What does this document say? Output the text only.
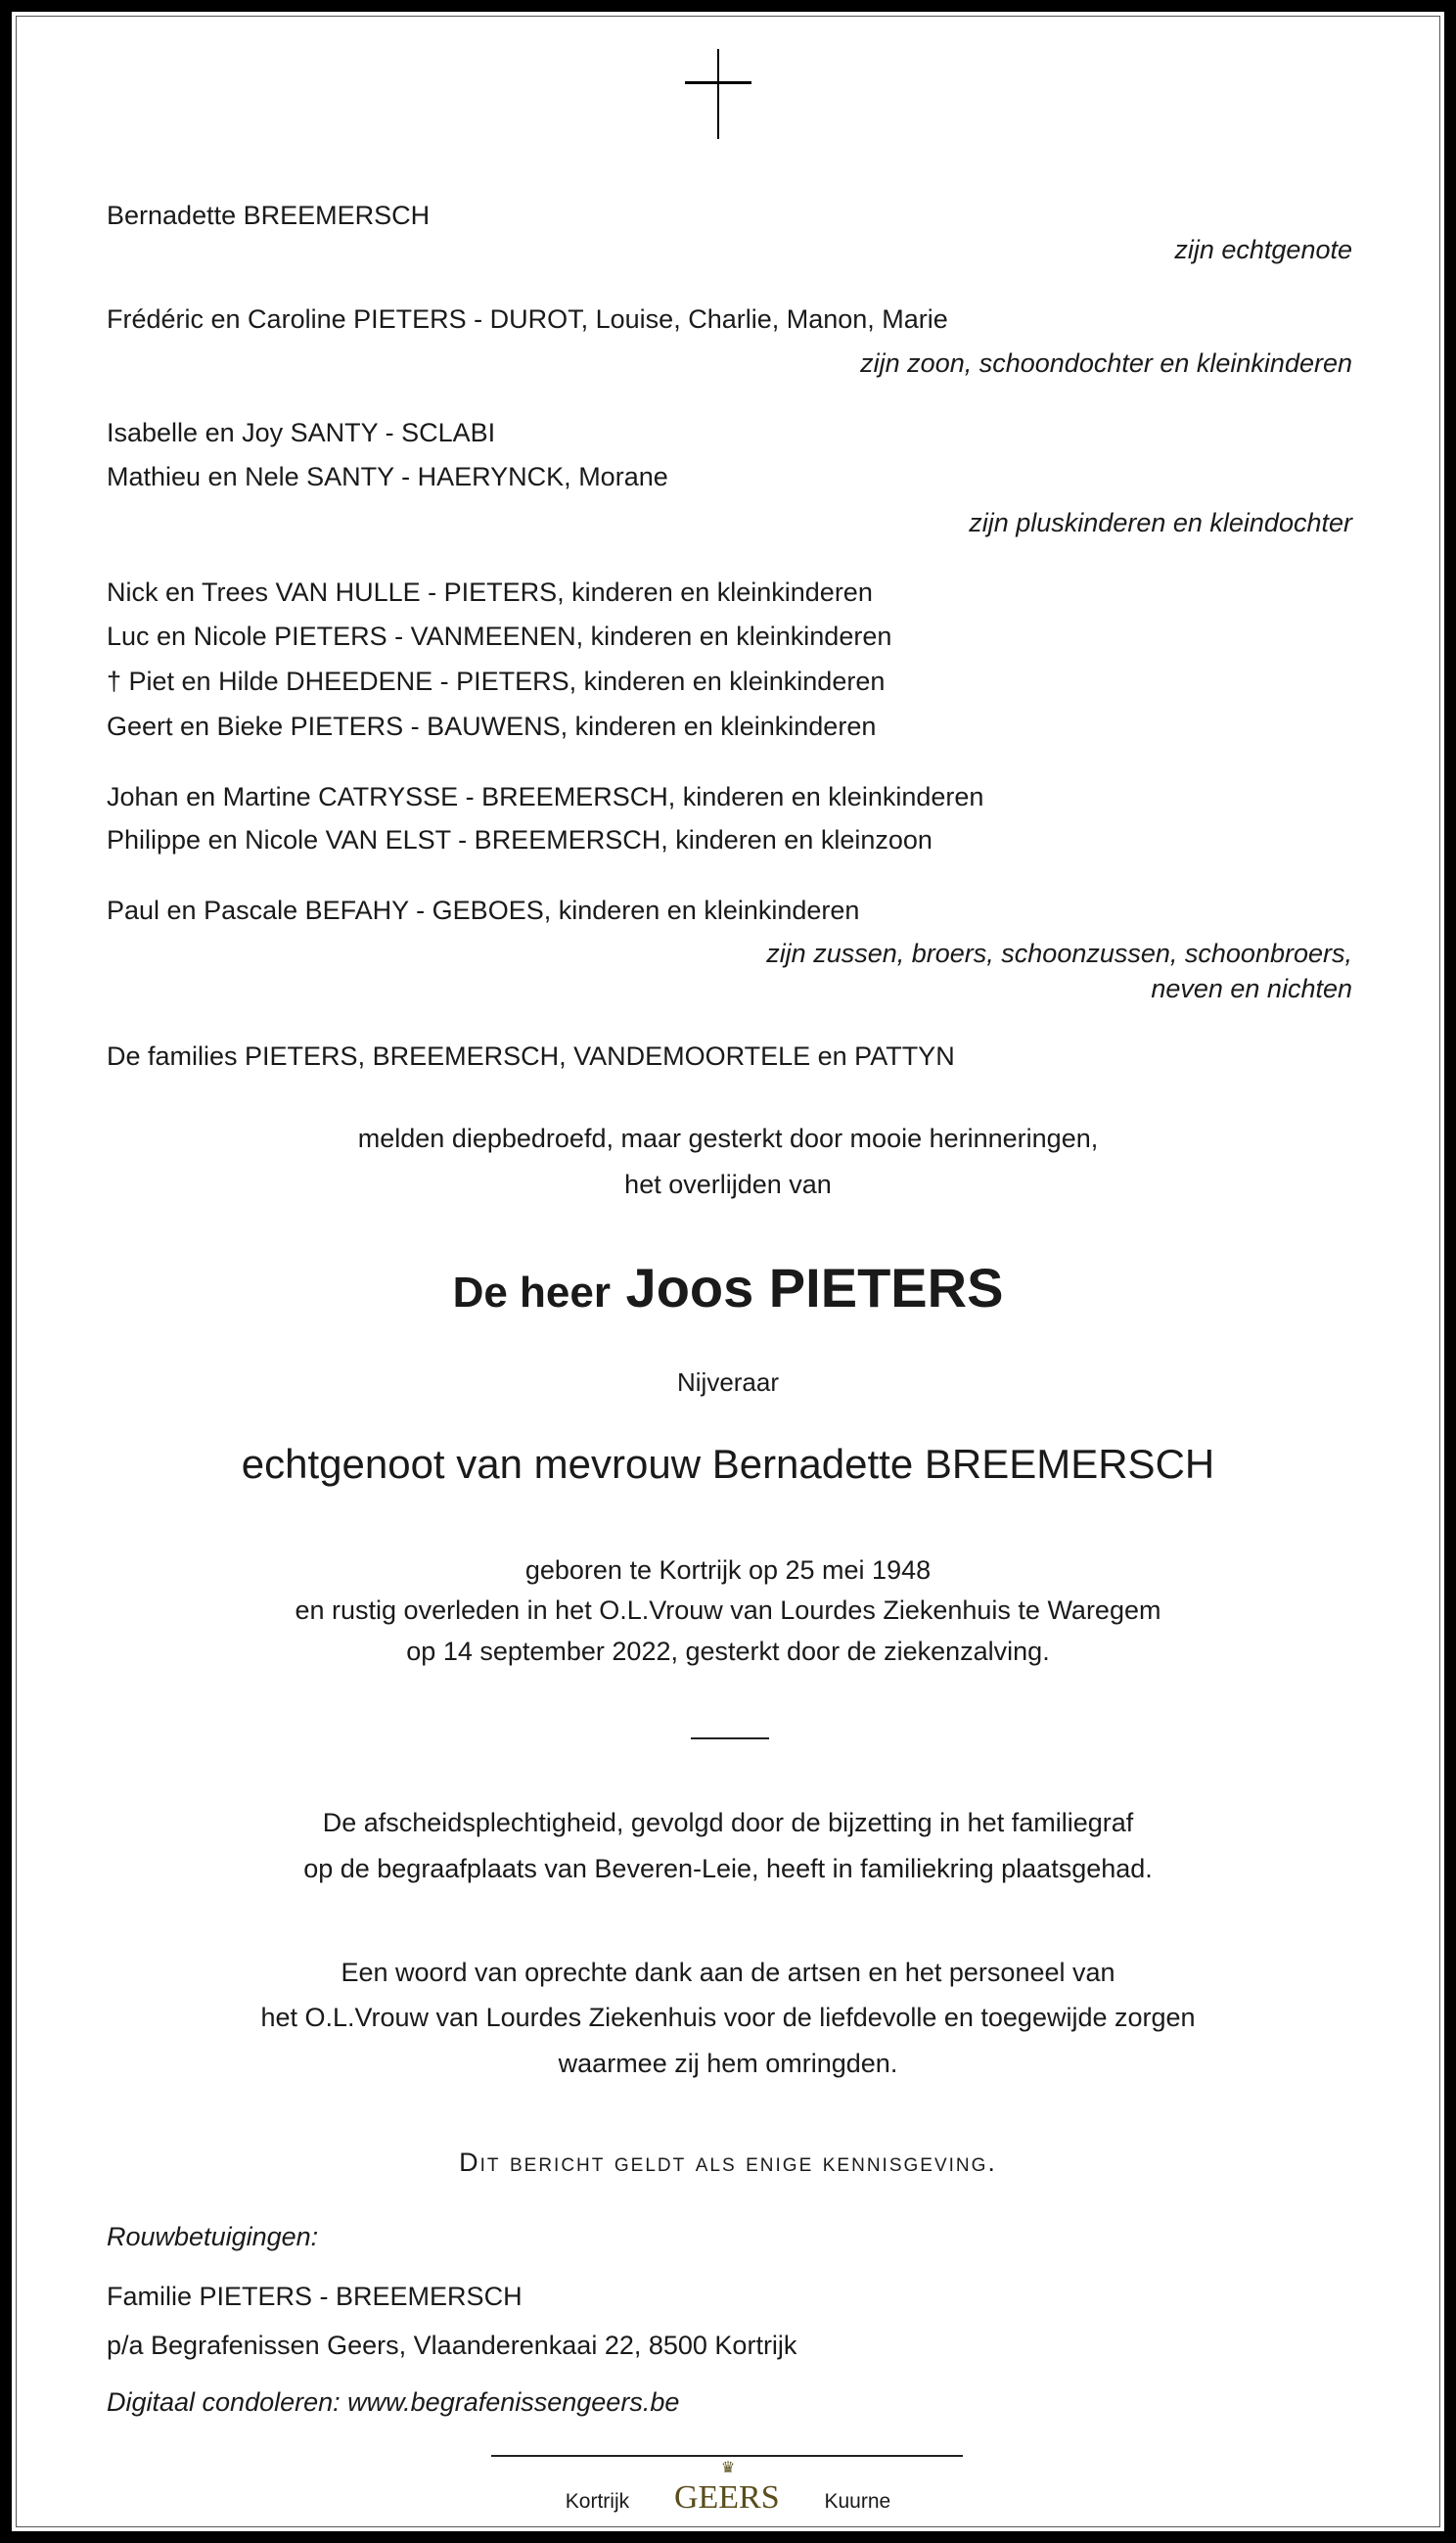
Bernadette BREEMERSCH
zijn echtgenote
Frédéric en Caroline PIETERS - DUROT, Louise, Charlie, Manon, Marie
zijn zoon, schoondochter en kleinkinderen
Isabelle en Joy SANTY - SCLABI
Mathieu en Nele SANTY - HAERYNCK, Morane
zijn pluskinderen en kleindochter
Nick en Trees VAN HULLE - PIETERS, kinderen en kleinkinderen
Luc en Nicole PIETERS - VANMEENEN, kinderen en kleinkinderen
† Piet en Hilde DHEEDENE - PIETERS, kinderen en kleinkinderen
Geert en Bieke PIETERS - BAUWENS, kinderen en kleinkinderen
Johan en Martine CATRYSSE - BREEMERSCH, kinderen en kleinkinderen
Philippe en Nicole VAN ELST - BREEMERSCH, kinderen en kleinzoon
Paul en Pascale BEFAHY - GEBOES, kinderen en kleinkinderen
zijn zussen, broers, schoonzussen, schoonbroers,
neven en nichten
De families PIETERS, BREEMERSCH, VANDEMOORTELE en PATTYN
melden diepbedroefd, maar gesterkt door mooie herinneringen,
het overlijden van
De heer Joos PIETERS
Nijveraar
echtgenoot van mevrouw Bernadette BREEMERSCH
geboren te Kortrijk op 25 mei 1948
en rustig overleden in het O.L.Vrouw van Lourdes Ziekenhuis te Waregem
op 14 september 2022, gesterkt door de ziekenzalving.
De afscheidsplechtigheid, gevolgd door de bijzetting in het familiegraf
op de begraafplaats van Beveren-Leie, heeft in familiekring plaatsgehad.
Een woord van oprechte dank aan de artsen en het personeel van
het O.L.Vrouw van Lourdes Ziekenhuis voor de liefdevolle en toegewijde zorgen
waarmee zij hem omringden.
Dit bericht geldt als enige kennisgeving.
Rouwbetuigingen:
Familie PIETERS - BREEMERSCH
p/a Begrafenissen Geers, Vlaanderenkaai 22, 8500 Kortrijk
Digitaal condoleren: www.begrafenissengeers.be
♛
Kortrijk GEERS Kuurne
